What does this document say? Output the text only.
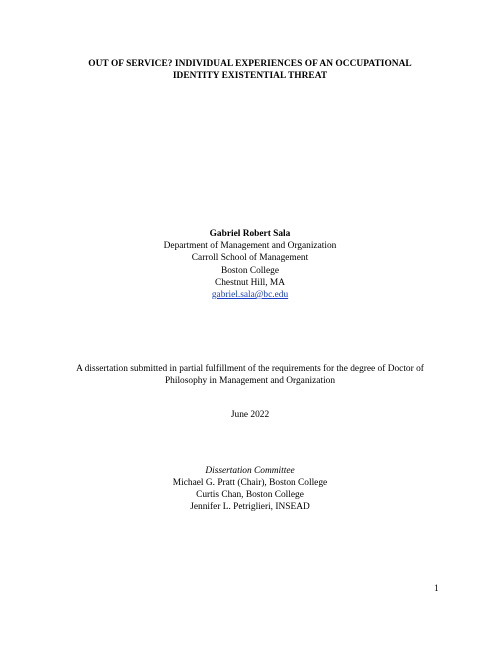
OUT OF SERVICE? INDIVIDUAL EXPERIENCES OF AN OCCUPATIONAL
IDENTITY EXISTENTIAL THREAT
Gabriel Robert Sala
Department of Management and Organization
Carroll School of Management
Boston College
Chestnut Hill, MA
gabriel.sala@bc.edu
A dissertation submitted in partial fulfillment of the requirements for the degree of Doctor of
Philosophy in Management and Organization
June 2022
Dissertation Committee
Michael G. Pratt (Chair), Boston College
Curtis Chan, Boston College
Jennifer L. Petriglieri, INSEAD
1
